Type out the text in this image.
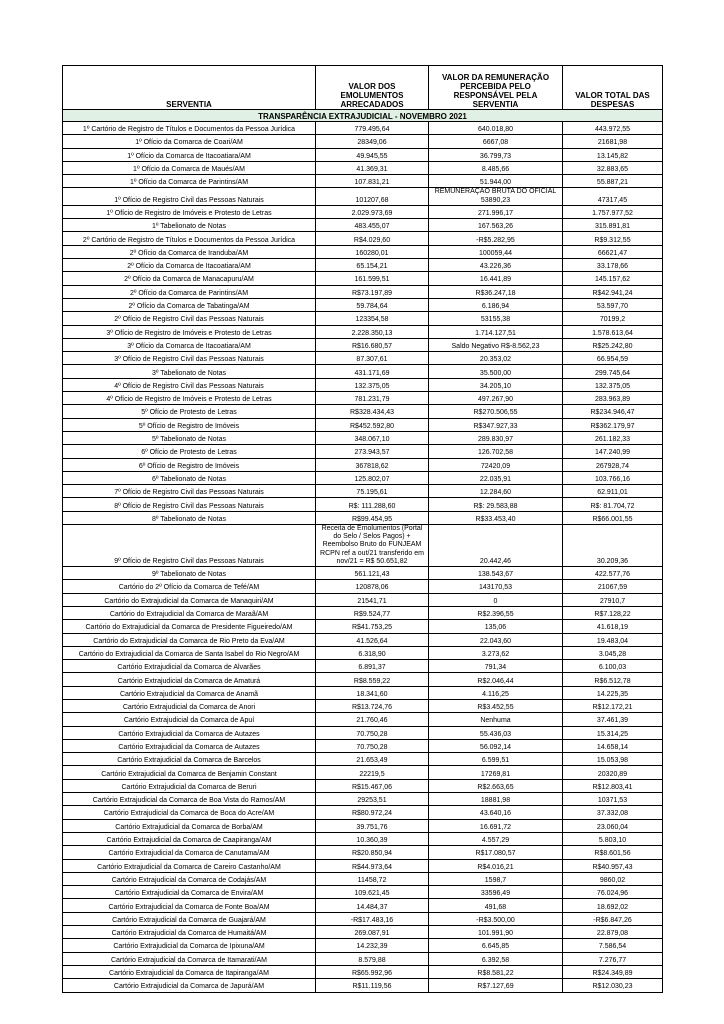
SERVENTIA	VALOR DOS EMOLUMENTOS ARRECADADOS	VALOR DA REMUNERAÇÃO PERCEBIDA PELO RESPONSÁVEL PELA SERVENTIA	VALOR TOTAL DAS DESPESAS
TRANSPARÊNCIA EXTRAJUDICIAL - NOVEMBRO 2021			
1º Cartório de Registro de Títulos e Documentos da Pessoa Jurídica	779.495,64	640.018,80	443.972,55
1º Ofício da Comarca de Coari/AM	28349,06	6667,08	21681,98
1º Ofício da Comarca de Itacoatiara/AM	49.945,55	36.799,73	13.145,82
1º Ofício da Comarca de Maués/AM	41.369,31	8.485,66	32.883,65
1º Ofício da Comarca de Parintins/AM	107.831,21	51.944,00	55.887,21
1º Ofício de Registro Civil das Pessoas Naturais	101207,68	REMUNERAÇÃO BRUTA DO OFICIAL 53890,23	47317,45
1º Ofício de Registro de Imóveis e Protesto de Letras	2.029.973,69	271.996,17	1.757.977,52
1º Tabelionato de Notas	483.455,07	167.563,26	315.891,81
2º Cartório de Registro de Títulos e Documentos da Pessoa Jurídica	R$4.029,60	-R$5.282,95	R$9.312,55
2º Ofício da Comarca de Iranduba/AM	160280,01	100059,44	66621,47
2º Ofício da Comarca de Itacoatiara/AM	65.154,21	43.226,36	33.178,66
2º Ofício da Comarca de Manacapuru/AM	161.599,51	16.441,89	145.157,62
2º Ofício da Comarca de Parintins/AM	R$73.197,89	R$36.247,18	R$42.941,24
2º Ofício da Comarca de Tabatinga/AM	59.784,64	6.186,94	53.597,70
2º Ofício de Registro Civil das Pessoas Naturais	123354,58	53155,38	70199,2
3º Ofício de Registro de Imóveis e Protesto de Letras	2.228.350,13	1.714.127,51	1.578.613,64
3º Ofício da Comarca de Itacoatiara/AM	R$16.680,57	Saldo Negativo R$-8.562,23	R$25.242,80
3º Ofício de Registro Civil das Pessoas Naturais	87.307,61	20.353,02	66.954,59
3º Tabelionato de Notas	431.171,69	35.500,00	299.745,64
4º Ofício de Registro Civil das Pessoas Naturais	132.375,05	34.205,10	132.375,05
4º Ofício de Registro de Imóveis e Protesto de Letras	781.231,79	497.267,90	283.963,89
5º Ofício de Protesto de Letras	R$328.434,43	R$270.506,55	R$234.946,47
5º Ofício de Registro de Imóveis	R$452.592,80	R$347.927,33	R$362.179,97
5º Tabelionato de Notas	348.067,10	289.830,97	261.182,33
6º Ofício de Protesto de Letras	273.943,57	126.702,58	147.240,99
6º Ofício de Registro de Imóveis	367818,62	72420,09	267928,74
6º Tabelionato de Notas	125.802,07	22.035,91	103.766,16
7º Ofício de Registro Civil das Pessoas Naturais	75.195,61	12.284,60	62.911,01
8º Ofício de Registro Civil das Pessoas Naturais	R$: 111.288,60	R$: 29.583,88	R$: 81.704,72
8º Tabelionato de Notas	R$99.454,95	R$33.453,40	R$66.001,55
9º Ofício de Registro Civil das Pessoas Naturais	Receita de Emolumentos (Portal do Selo / Selos Pagos) + Reembolso Bruto do FUNJEAM RCPN ref a out/21 transferido em nov/21 = R$ 50.651,82	20.442,46	30.209,36
9º Tabelionato de Notas	561.121,43	138.543,67	422.577,76
Cartório do 2º Ofício da Comarca de Tefé/AM	120878,06	143170,53	21067,59
Cartório do Extrajudicial da Comarca de Manaquiri/AM	21541,71	0	27910,7
Cartório do Extrajudicial da Comarca de Maraã/AM	R$9.524,77	R$2.396,55	R$7.128,22
Cartório do Extrajudicial da Comarca de Presidente Figueiredo/AM	R$41.753,25	135,06	41.618,19
Cartório do Extrajudicial da Comarca de Rio Preto da Eva/AM	41.526,64	22.043,60	19.483,04
Cartório do Extrajudicial da Comarca de Santa Isabel do Rio Negro/AM	6.318,90	3.273,62	3.045,28
Cartório Extrajudicial da Comarca de Alvarães	6.891,37	791,34	6.100,03
Cartório Extrajudicial da Comarca de Amaturá	R$8.559,22	R$2.046,44	R$6.512,78
Cartório Extrajudicial da Comarca de Anamã	18.341,60	4.116,25	14.225,35
Cartório Extrajudicial da Comarca de Anori	R$13.724,76	R$3.452,55	R$12.172,21
Cartório Extrajudicial da Comarca de Apuí	21.760,46	Nenhuma	37.461,39
Cartório Extrajudicial da Comarca de Autazes	70.750,28	55.436,03	15.314,25
Cartório Extrajudicial da Comarca de Autazes	70.750,28	56.092,14	14.658,14
Cartório Extrajudicial da Comarca de Barcelos	21.653,49	6.599,51	15.053,98
Cartório Extrajudicial da Comarca de Benjamin Constant	22219,5	17269,81	20320,89
Cartório Extrajudicial da Comarca de Beruri	R$15.467,06	R$2.663,65	R$12.803,41
Cartório Extrajudicial da Comarca de Boa Vista do Ramos/AM	29253,51	18881,98	10371,53
Cartório Extrajudicial da Comarca de Boca do Acre/AM	R$80.972,24	43.640,16	37.332,08
Cartório Extrajudicial da Comarca de Borba/AM	39.751,76	16.691,72	23.060,04
Cartório Extrajudicial da Comarca de Caapiranga/AM	10.360,39	4.557,29	5.803,10
Cartório Extrajudicial da Comarca de Canutama/AM	R$20.850,94	R$17.080,57	R$8.601,56
Cartório Extrajudicial da Comarca de Careiro Castanho/AM	R$44.973,64	R$4.016,21	R$40.957,43
Cartório Extrajudicial da Comarca de Codajás/AM	11458,72	1598,7	9860,02
Cartório Extrajudicial da Comarca de Envira/AM	109.621,45	33596,49	76.024,96
Cartório Extrajudicial da Comarca de Fonte Boa/AM	14.484,37	491,68	18.692,02
Cartório Extrajudicial da Comarca de Guajará/AM	-R$17.483,16	-R$3.500,00	-R$6.847,26
Cartório Extrajudicial da Comarca de Humaitá/AM	269.087,91	101.991,90	22.879,08
Cartório Extrajudicial da Comarca de Ipixuna/AM	14.232,39	6.645,85	7.586,54
Cartório Extrajudicial da Comarca de Itamarati/AM	8.579,88	6.392,58	7.276,77
Cartório Extrajudicial da Comarca de Itapiranga/AM	R$65.992,96	R$8.581,22	R$24.349,89
Cartório Extrajudicial da Comarca de Japurá/AM	R$11.119,56	R$7.127,69	R$12.030,23
